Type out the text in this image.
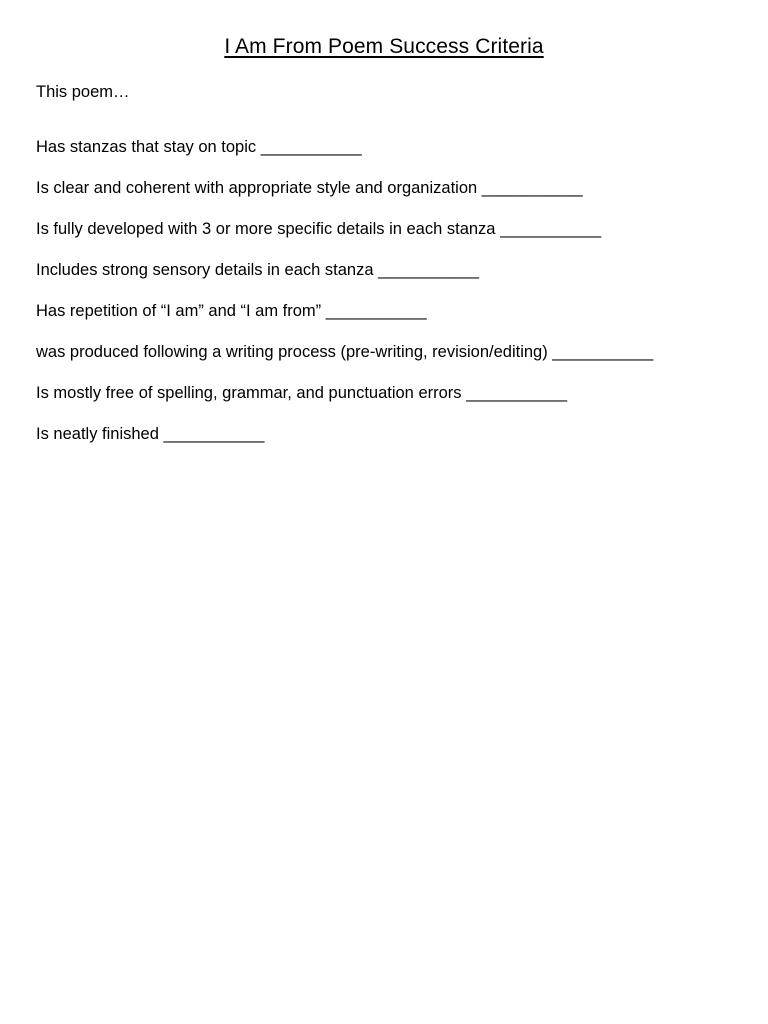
I Am From Poem Success Criteria
This poem…
Has stanzas that stay on topic ___________
Is clear and coherent with appropriate style and organization ___________
Is fully developed with 3 or more specific details in each stanza ___________
Includes strong sensory details in each stanza ___________
Has repetition of “I am” and “I am from” ___________
was produced following a writing process (pre-writing, revision/editing) ___________
Is mostly free of spelling, grammar, and punctuation errors ___________
Is neatly finished ___________
